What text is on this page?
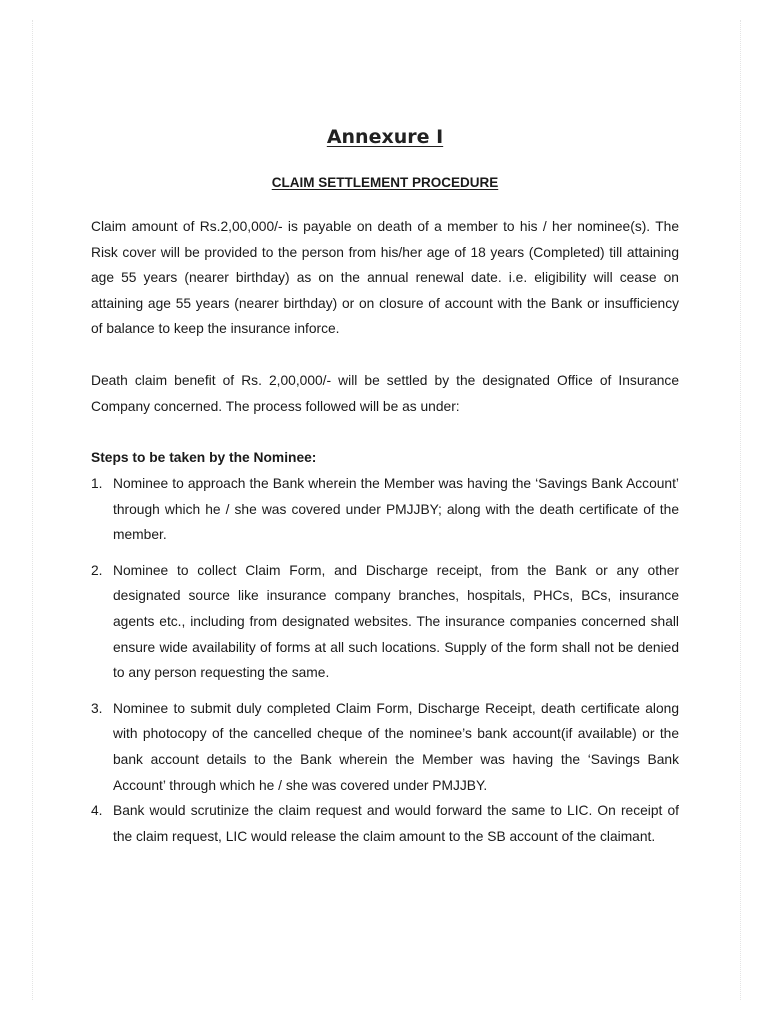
Annexure I
CLAIM SETTLEMENT PROCEDURE

Claim amount of Rs.2,00,000/- is payable on death of a member to his / her nominee(s). The Risk cover will be provided to the person from his/her age of 18 years (Completed) till attaining age 55 years (nearer birthday) as on the annual renewal date. i.e. eligibility will cease on attaining age 55 years (nearer birthday) or on closure of account with the Bank or insufficiency of balance to keep the insurance inforce.

Death claim benefit of Rs. 2,00,000/- will be settled by the designated Office of Insurance Company concerned. The process followed will be as under:

Steps to be taken by the Nominee:

1. Nominee to approach the Bank wherein the Member was having the ‘Savings Bank Account’ through which he / she was covered under PMJJBY; along with the death certificate of the member.
2. Nominee to collect Claim Form, and Discharge receipt, from the Bank or any other designated source like insurance company branches, hospitals, PHCs, BCs, insurance agents etc., including from designated websites. The insurance companies concerned shall ensure wide availability of forms at all such locations. Supply of the form shall not be denied to any person requesting the same.
3. Nominee to submit duly completed Claim Form, Discharge Receipt, death certificate along with photocopy of the cancelled cheque of the nominee’s bank account(if available) or the bank account details to the Bank wherein the Member was having the ‘Savings Bank Account’ through which he / she was covered under PMJJBY.
4. Bank would scrutinize the claim request and would forward the same to LIC. On receipt of the claim request, LIC would release the claim amount to the SB account of the claimant.
